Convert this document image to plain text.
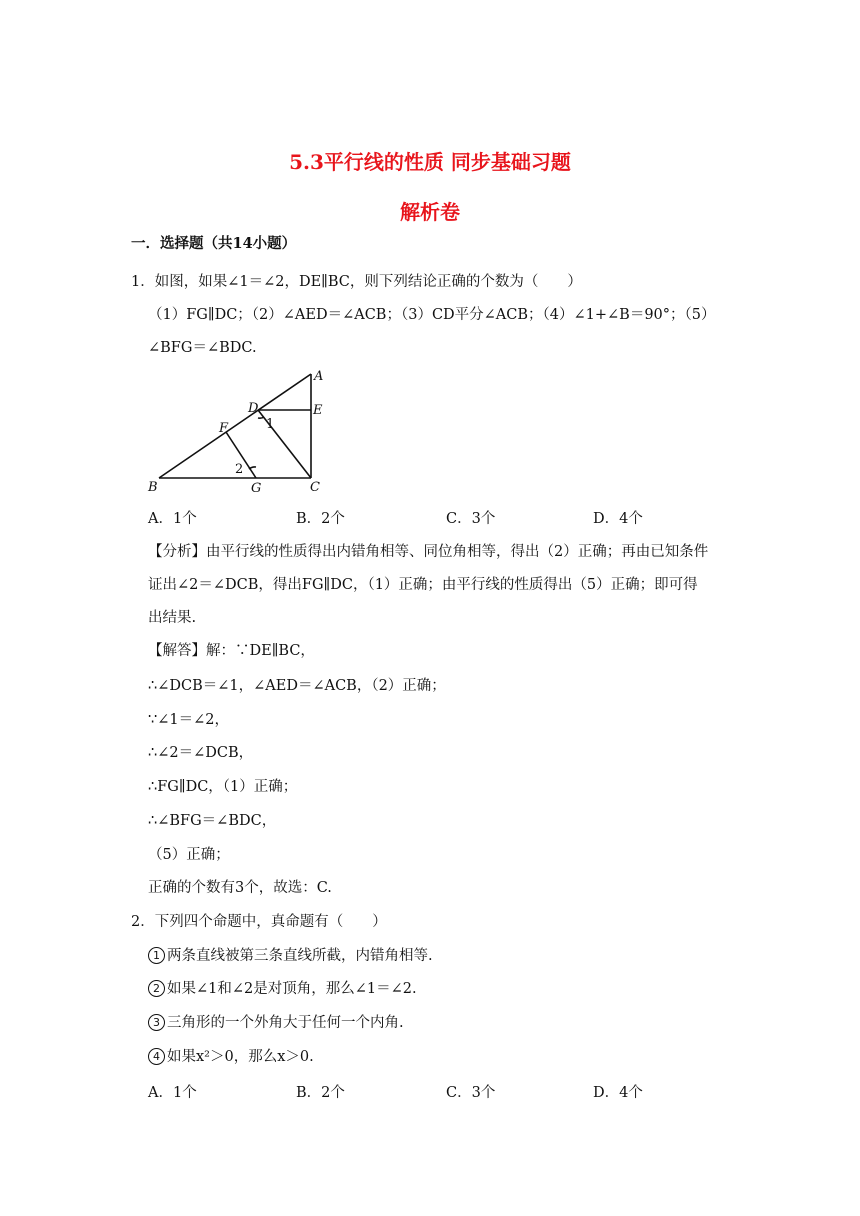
5.3平行线的性质 同步基础习题
解析卷
一．选择题（共14小题）
1．如图，如果∠1＝∠2，DE∥BC，则下列结论正确的个数为（　　）
（1）FG∥DC；（2）∠AED＝∠ACB；（3）CD平分∠ACB；（4）∠1+∠B＝90°；（5）
∠BFG＝∠BDC.
A
D	E
1
F
2
B	G	C
A．1个	B．2个	C．3个	D．4个
【分析】由平行线的性质得出内错角相等、同位角相等，得出（2）正确；再由已知条件
证出∠2＝∠DCB，得出FG∥DC，（1）正确；由平行线的性质得出（5）正确；即可得
出结果.
【解答】解：∵DE∥BC，
∴∠DCB＝∠1，∠AED＝∠ACB，（2）正确；
∵∠1＝∠2，
∴∠2＝∠DCB，
∴FG∥DC，（1）正确；
∴∠BFG＝∠BDC，
（5）正确；
正确的个数有3个，故选：C.
2．下列四个命题中，真命题有（　　）
1 两条直线被第三条直线所截，内错角相等.
2 如果∠1和∠2是对顶角，那么∠1＝∠2.
3 三角形的一个外角大于任何一个内角.
4 如果x²＞0，那么x＞0.
A．1个	B．2个	C．3个	D．4个
